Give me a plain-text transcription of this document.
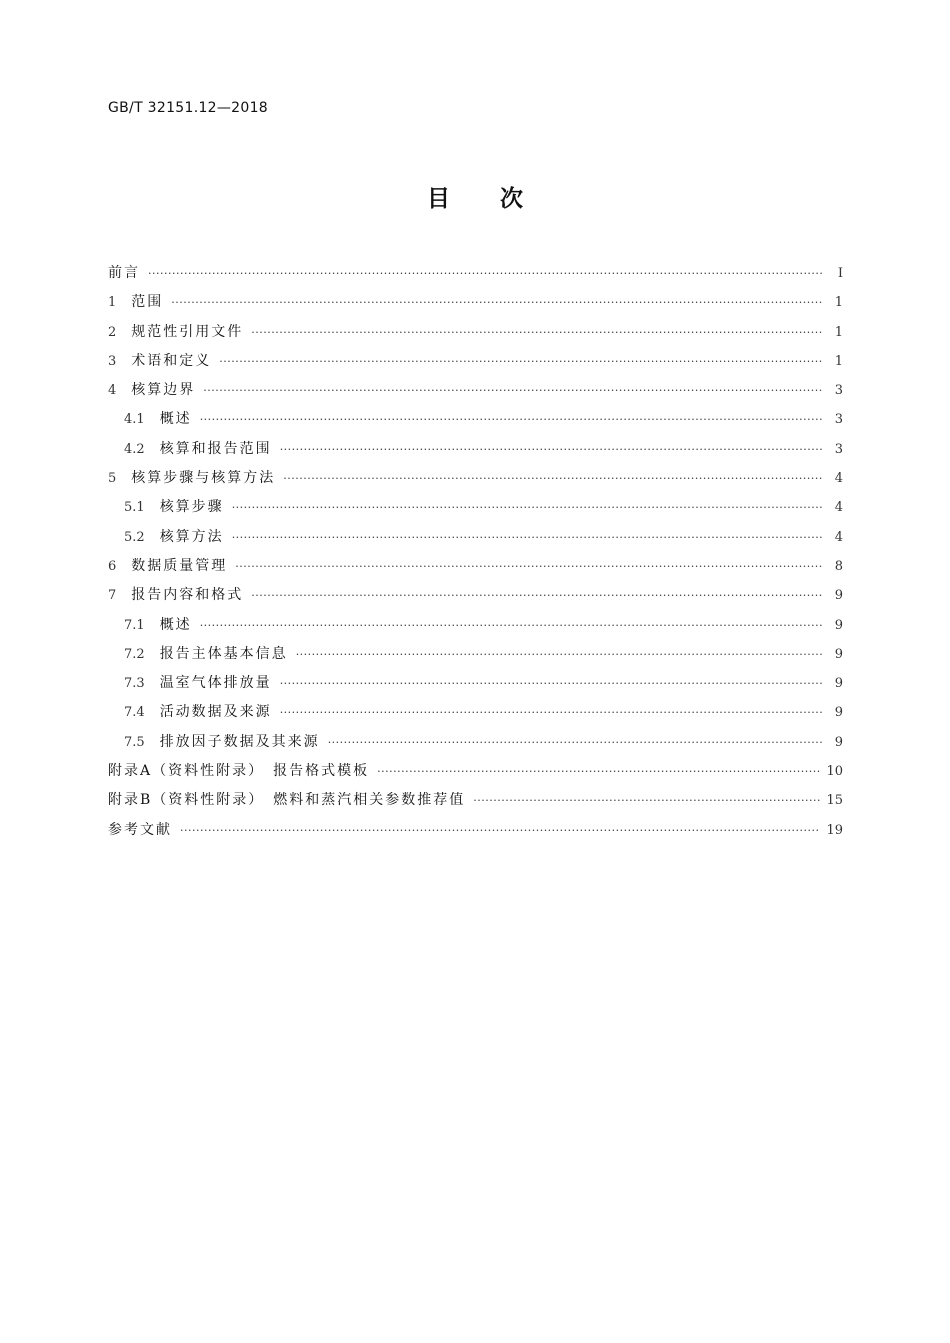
GB/T 32151.12—2018
目次
前言 ·····	Ⅰ
1 范围 ·····	1
2 规范性引用文件 ·····	1
3 术语和定义 ·····	1
4 核算边界 ·····	3
4.1 概述 ·····	3
4.2 核算和报告范围 ·····	3
5 核算步骤与核算方法 ·····	4
5.1 核算步骤 ·····	4
5.2 核算方法 ·····	4
6 数据质量管理 ·····	8
7 报告内容和格式 ·····	9
7.1 概述 ·····	9
7.2 报告主体基本信息 ·····	9
7.3 温室气体排放量 ·····	9
7.4 活动数据及来源 ·····	9
7.5 排放因子数据及其来源 ·····	9
附录A（资料性附录）　报告格式模板 ·····	10
附录B（资料性附录）　燃料和蒸汽相关参数推荐值 ·····	15
参考文献 ·····	19
